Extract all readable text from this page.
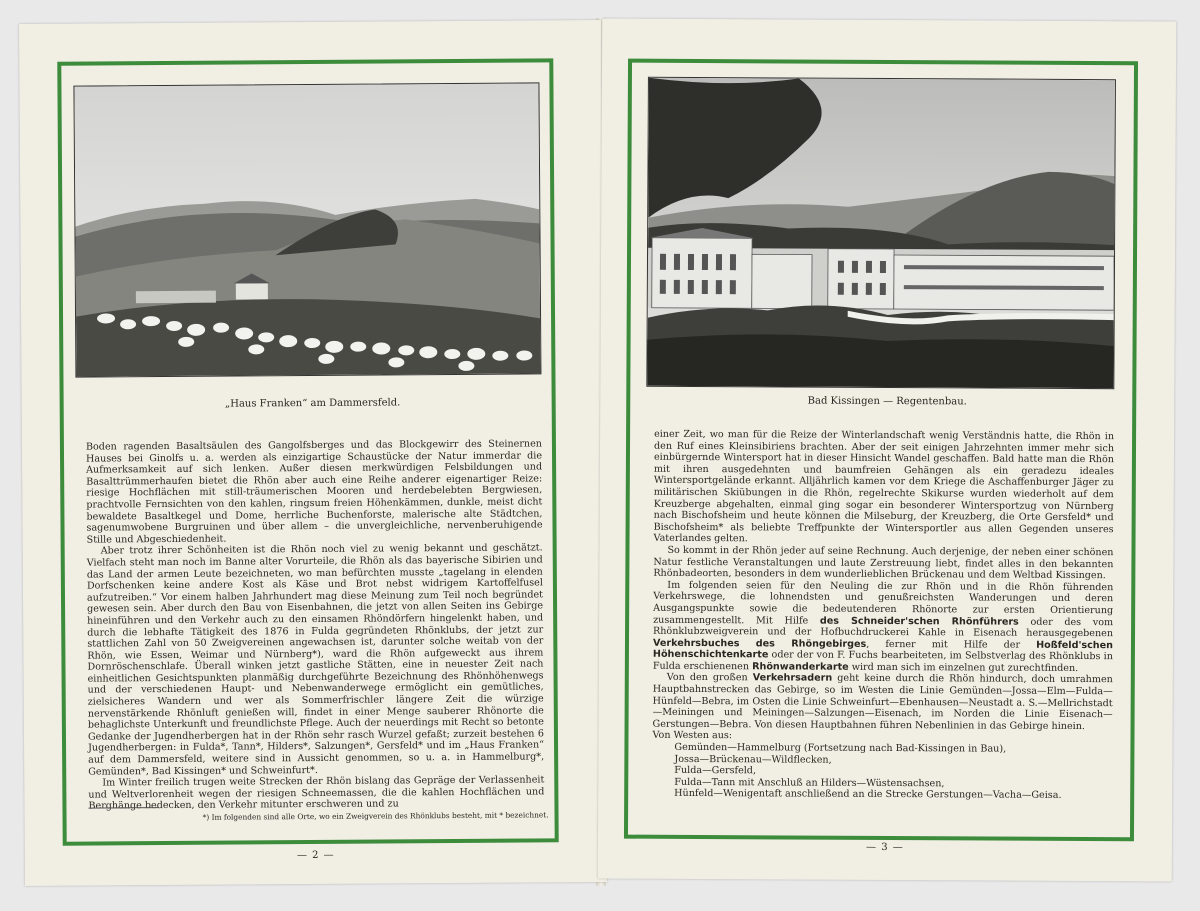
„Haus Franken“ am Dammersfeld.

Boden ragenden Basaltsäulen des Gangolfsberges und das Blockgewirr des Steinernen Hauses bei Ginolfs u. a. werden als einzigartige Schaustücke der Natur immerdar die Aufmerksamkeit auf sich lenken. Außer diesen merkwürdigen Felsbildungen und Basalttrümmerhaufen bietet die Rhön aber auch eine Reihe anderer eigenartiger Reize: riesige Hochflächen mit still-träumerischen Mooren und herdebelebten Bergwiesen, prachtvolle Fernsichten von den kahlen, ringsum freien Höhenkämmen, dunkle, meist dicht bewaldete Basaltkegel und Dome, herrliche Buchenforste, malerische alte Städtchen, sagenumwobene Burgruinen und über allem – die unvergleichliche, nervenberuhigende Stille und Abgeschiedenheit.

Aber trotz ihrer Schönheiten ist die Rhön noch viel zu wenig bekannt und geschätzt. Vielfach steht man noch im Banne alter Vorurteile, die Rhön als das bayerische Sibirien und das Land der armen Leute bezeichneten, wo man befürchten musste „tagelang in elenden Dorfschenken keine andere Kost als Käse und Brot nebst widrigem Kartoffelfusel aufzutreiben.“ Vor einem halben Jahrhundert mag diese Meinung zum Teil noch begründet gewesen sein. Aber durch den Bau von Eisenbahnen, die jetzt von allen Seiten ins Gebirge hineinführen und den Verkehr auch zu den einsamen Rhöndörfern hingelenkt haben, und durch die lebhafte Tätigkeit des 1876 in Fulda gegründeten Rhönklubs, der jetzt zur stattlichen Zahl von 50 Zweigvereinen angewachsen ist, darunter solche weitab von der Rhön, wie Essen, Weimar und Nürnberg*), ward die Rhön aufgeweckt aus ihrem Dornröschenschlafe. Überall winken jetzt gastliche Stätten, eine in neuester Zeit nach einheitlichen Gesichtspunkten planmäßig durchgeführte Bezeichnung des Rhönhöhenwegs und der verschiedenen Haupt- und Nebenwanderwege ermöglicht ein gemütliches, zielsicheres Wandern und wer als Sommerfrischler längere Zeit die würzige nervenstärkende Rhönluft genießen will, findet in einer Menge sauberer Rhönorte die behaglichste Unterkunft und freundlichste Pflege. Auch der neuerdings mit Recht so betonte Gedanke der Jugendherbergen hat in der Rhön sehr rasch Wurzel gefaßt; zurzeit bestehen 6 Jugendherbergen: in Fulda*, Tann*, Hilders*, Salzungen*, Gersfeld* und im „Haus Franken“ auf dem Dammersfeld, weitere sind in Aussicht genommen, so u. a. in Hammelburg*, Gemünden*, Bad Kissingen* und Schweinfurt*.

Im Winter freilich trugen weite Strecken der Rhön bislang das Gepräge der Verlassenheit und Weltverlorenheit wegen der riesigen Schneemassen, die die kahlen Hochflächen und Berghänge bedecken, den Verkehr mitunter erschweren und zu

*) Im folgenden sind alle Orte, wo ein Zweigverein des Rhönklubs besteht, mit * bezeichnet.
— 2 —
Bad Kissingen — Regentenbau.

einer Zeit, wo man für die Reize der Winterlandschaft wenig Verständnis hatte, die Rhön in den Ruf eines Kleinsibiriens brachten. Aber der seit einigen Jahrzehnten immer mehr sich einbürgernde Wintersport hat in dieser Hinsicht Wandel geschaffen. Bald hatte man die Rhön mit ihren ausgedehnten und baumfreien Gehängen als ein geradezu ideales Wintersportgelände erkannt. Alljährlich kamen vor dem Kriege die Aschaffenburger Jäger zu militärischen Skiübungen in die Rhön, regelrechte Skikurse wurden wiederholt auf dem Kreuzberge abgehalten, einmal ging sogar ein besonderer Wintersportzug von Nürnberg nach Bischofsheim und heute können die Milseburg, der Kreuzberg, die Orte Gersfeld* und Bischofsheim* als beliebte Treffpunkte der Wintersportler aus allen Gegenden unseres Vaterlandes gelten.

So kommt in der Rhön jeder auf seine Rechnung. Auch derjenige, der neben einer schönen Natur festliche Veranstaltungen und laute Zerstreuung liebt, findet alles in den bekannten Rhönbadeorten, besonders in dem wunderlieblichen Brückenau und dem Weltbad Kissingen.

Im folgenden seien für den Neuling die zur Rhön und in die Rhön führenden Verkehrswege, die lohnendsten und genußreichsten Wanderungen und deren Ausgangspunkte sowie die bedeutenderen Rhönorte zur ersten Orientierung zusammengestellt. Mit Hilfe des Schneider'schen Rhönführers oder des vom Rhönklubzweigverein und der Hofbuchdruckerei Kahle in Eisenach herausgegebenen Verkehrsbuches des Rhöngebirges, ferner mit Hilfe der Hoßfeld'schen Höhenschichtenkarte oder der von F. Fuchs bearbeiteten, im Selbstverlag des Rhönklubs in Fulda erschienenen Rhönwanderkarte wird man sich im einzelnen gut zurechtfinden.

Von den großen Verkehrsadern geht keine durch die Rhön hindurch, doch umrahmen Hauptbahnstrecken das Gebirge, so im Westen die Linie Gemünden—Jossa—Elm—Fulda—Hünfeld—Bebra, im Osten die Linie Schweinfurt—Ebenhausen—Neustadt a. S.—Mellrichstadt—Meiningen und Meiningen—Salzungen—Eisenach, im Norden die Linie Eisenach—Gerstungen—Bebra. Von diesen Hauptbahnen führen Nebenlinien in das Gebirge hinein.

Von Westen aus:

Gemünden—Hammelburg (Fortsetzung nach Bad-Kissingen in Bau),
Jossa—Brückenau—Wildflecken,
Fulda—Gersfeld,
Fulda—Tann mit Anschluß an Hilders—Wüstensachsen,
Hünfeld—Wenigentaft anschließend an die Strecke Gerstungen—Vacha—Geisa.
— 3 —
